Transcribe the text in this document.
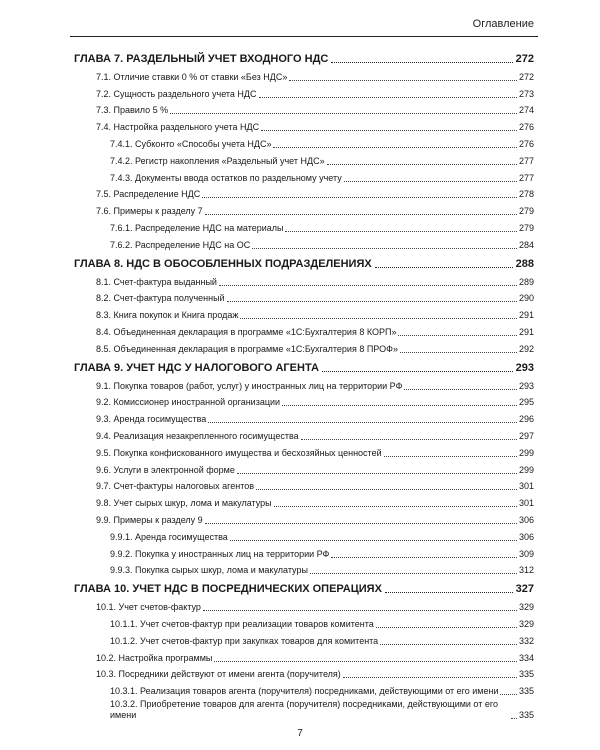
Оглавление
ГЛАВА 7. РАЗДЕЛЬНЫЙ УЧЕТ ВХОДНОГО НДС	272
7.1. Отличие ставки 0 % от ставки «Без НДС»	272
7.2. Сущность раздельного учета НДС	273
7.3. Правило 5 %	274
7.4. Настройка раздельного учета НДС	276
7.4.1. Субконто «Способы учета НДС»	276
7.4.2. Регистр накопления «Раздельный учет НДС»	277
7.4.3. Документы ввода остатков по раздельному учету	277
7.5. Распределение НДС	278
7.6. Примеры к разделу 7	279
7.6.1. Распределение НДС на материалы	279
7.6.2. Распределение НДС на ОС	284
ГЛАВА 8. НДС В ОБОСОБЛЕННЫХ ПОДРАЗДЕЛЕНИЯХ	288
8.1. Счет-фактура выданный	289
8.2. Счет-фактура полученный	290
8.3. Книга покупок и Книга продаж	291
8.4. Объединенная декларация в программе «1С:Бухгалтерия 8 КОРП»	291
8.5. Объединенная декларация в программе «1С:Бухгалтерия 8 ПРОФ»	292
ГЛАВА 9. УЧЕТ НДС У НАЛОГОВОГО АГЕНТА	293
9.1. Покупка товаров (работ, услуг) у иностранных лиц на территории РФ	293
9.2. Комиссионер иностранной организации	295
9.3. Аренда госимущества	296
9.4. Реализация незакрепленного госимущества	297
9.5. Покупка конфискованного имущества и бесхозяйных ценностей	299
9.6. Услуги в электронной форме	299
9.7. Счет-фактуры налоговых агентов	301
9.8. Учет сырых шкур, лома и макулатуры	301
9.9. Примеры к разделу 9	306
9.9.1. Аренда госимущества	306
9.9.2. Покупка у иностранных лиц на территории РФ	309
9.9.3. Покупка сырых шкур, лома и макулатуры	312
ГЛАВА 10. УЧЕТ НДС В ПОСРЕДНИЧЕСКИХ ОПЕРАЦИЯХ	327
10.1. Учет счетов-фактур	329
10.1.1. Учет счетов-фактур при реализации товаров комитента	329
10.1.2. Учет счетов-фактур при закупках товаров для комитента	332
10.2. Настройка программы	334
10.3. Посредники действуют от имени агента (поручителя)	335
10.3.1. Реализация товаров агента (поручителя) посредниками, действующими от его имени 335
10.3.2. Приобретение товаров для агента (поручителя) посредниками, действующими от его имени	335
7
